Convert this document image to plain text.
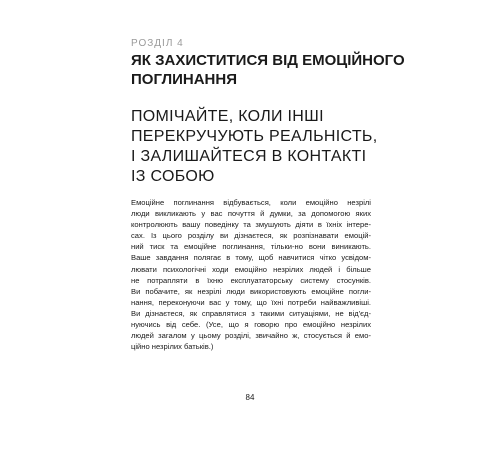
РОЗДІЛ 4
ЯК ЗАХИСТИТИСЯ ВІД ЕМОЦІЙНОГО
ПОГЛИНАННЯ
ПОМІЧАЙТЕ, КОЛИ ІНШІ
ПЕРЕКРУЧУЮТЬ РЕАЛЬНІСТЬ,
І ЗАЛИШАЙТЕСЯ В КОНТАКТІ
ІЗ СОБОЮ
Емоційне поглинання відбувається, коли емоційно незрілі
люди викликають у вас почуття й думки, за допомогою яких
контролюють вашу поведінку та змушують діяти в їхніх інтере-
сах. Із цього розділу ви дізнаєтеся, як розпізнавати емоцій-
ний тиск та емоційне поглинання, тільки-но вони виникають.
Ваше завдання полягає в тому, щоб навчитися чітко усвідом-
лювати психологічні ходи емоційно незрілих людей і більше
не потрапляти в їхню експлуататорську систему стосунків.
Ви побачите, як незрілі люди використовують емоційне погли-
нання, переконуючи вас у тому, що їхні потреби найважливіші.
Ви дізнаєтеся, як справлятися з такими ситуаціями, не від'єд-
нуючись від себе. (Усе, що я говорю про емоційно незрілих
людей загалом у цьому розділі, звичайно ж, стосується й емо-
ційно незрілих батьків.)
84
